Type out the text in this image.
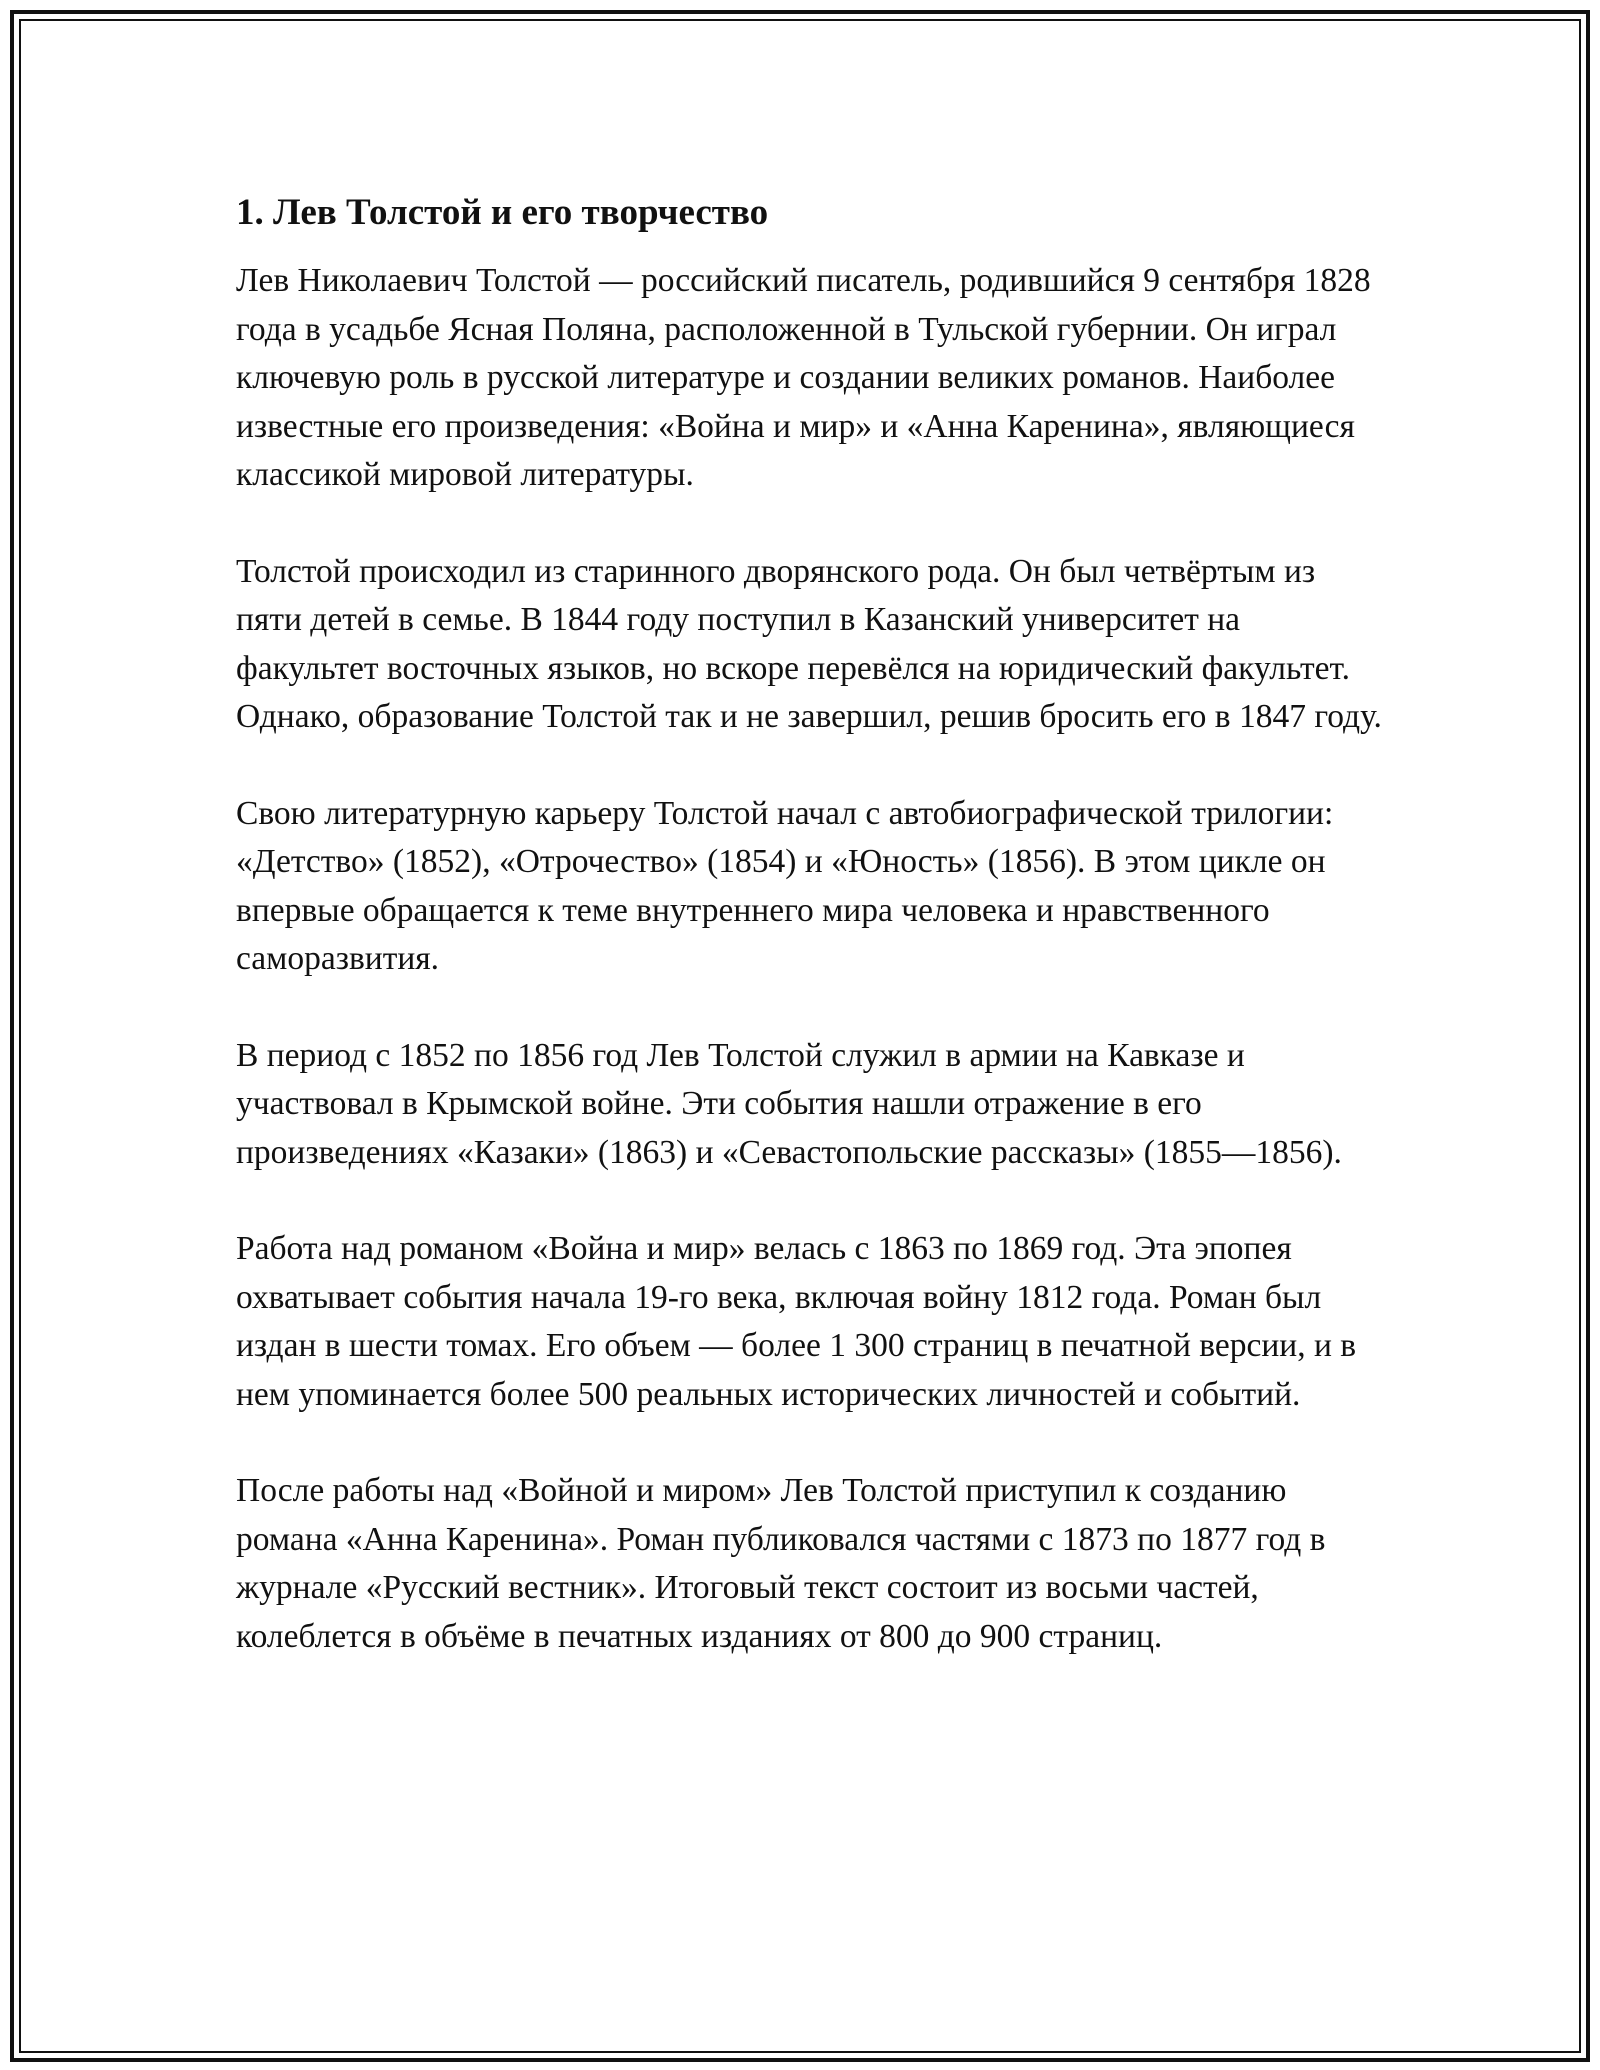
1. Лев Толстой и его творчество

Лев Николаевич Толстой — российский писатель, родившийся 9 сентября 1828 года в усадьбе Ясная Поляна, расположенной в Тульской губернии. Он играл ключевую роль в русской литературе и создании великих романов. Наиболее известные его произведения: «Война и мир» и «Анна Каренина», являющиеся классикой мировой литературы.

Толстой происходил из старинного дворянского рода. Он был четвёртым из пяти детей в семье. В 1844 году поступил в Казанский университет на факультет восточных языков, но вскоре перевёлся на юридический факультет. Однако, образование Толстой так и не завершил, решив бросить его в 1847 году.

Свою литературную карьеру Толстой начал с автобиографической трилогии: «Детство» (1852), «Отрочество» (1854) и «Юность» (1856). В этом цикле он впервые обращается к теме внутреннего мира человека и нравственного саморазвития.

В период с 1852 по 1856 год Лев Толстой служил в армии на Кавказе и участвовал в Крымской войне. Эти события нашли отражение в его произведениях «Казаки» (1863) и «Севастопольские рассказы» (1855—1856).

Работа над романом «Война и мир» велась с 1863 по 1869 год. Эта эпопея охватывает события начала 19-го века, включая войну 1812 года. Роман был издан в шести томах. Его объем — более 1 300 страниц в печатной версии, и в нем упоминается более 500 реальных исторических личностей и событий.

После работы над «Войной и миром» Лев Толстой приступил к созданию романа «Анна Каренина». Роман публиковался частями с 1873 по 1877 год в журнале «Русский вестник». Итоговый текст состоит из восьми частей, колеблется в объёме в печатных изданиях от 800 до 900 страниц.
